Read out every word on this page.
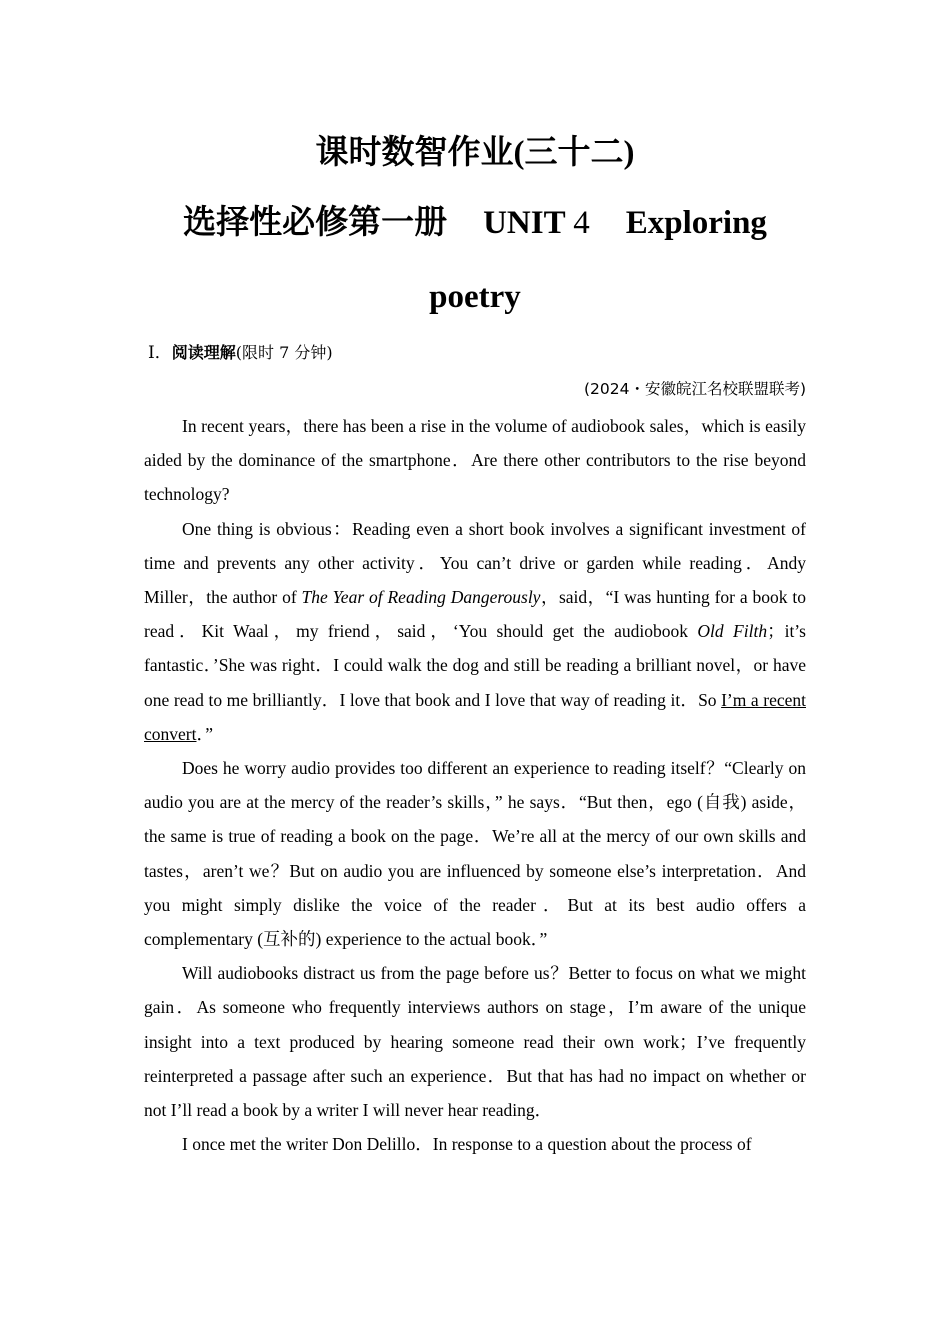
课时数智作业(三十二)
选择性必修第一册 UNIT 4 Exploring
poetry
Ⅰ．阅读理解(限时 7 分钟)
(2024・安徽皖江名校联盟联考)

In recent years，there has been a rise in the volume of audiobook sales，which is easily aided by the dominance of the smartphone．Are there other contributors to the rise beyond technology?

One thing is obvious：Reading even a short book involves a significant investment of time and prevents any other activity．You can’t drive or garden while reading．Andy Miller，the author of The Year of Reading Dangerously，said，“I was hunting for a book to read．Kit Waal，my friend，said，‘You should get the audiobook Old Filth；it’s fantastic．’She was right．I could walk the dog and still be reading a brilliant novel，or have one read to me brilliantly．I love that book and I love that way of reading it．So I’m a recent convert．”

Does he worry audio provides too different an experience to reading itself？“Clearly on audio you are at the mercy of the reader’s skills，” he says．“But then，ego (自我) aside，the same is true of reading a book on the page．We’re all at the mercy of our own skills and tastes，aren’t we？But on audio you are influenced by someone else’s interpretation．And you might simply dislike the voice of the reader．But at its best audio offers a complementary (互补的) experience to the actual book．”

Will audiobooks distract us from the page before us？Better to focus on what we might gain．As someone who frequently interviews authors on stage，I’m aware of the unique insight into a text produced by hearing someone read their own work；I’ve frequently reinterpreted a passage after such an experience．But that has had no impact on whether or not I’ll read a book by a writer I will never hear reading．

I once met the writer Don Delillo．In response to a question about the process of
